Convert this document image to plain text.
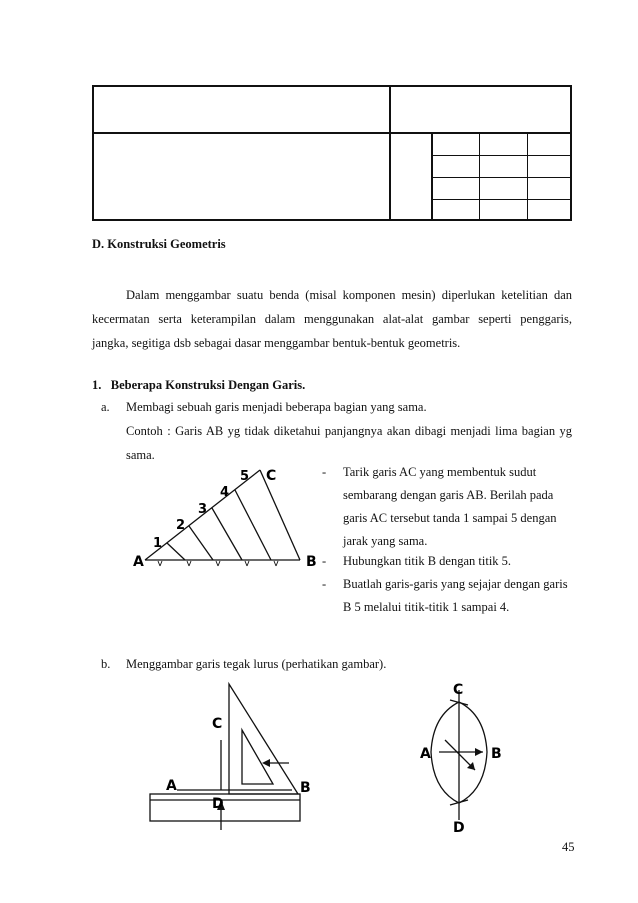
D. Konstruksi Geometris
Dalam menggambar suatu benda (misal komponen mesin) diperlukan ketelitian dan
kecermatan serta keterampilan dalam menggunakan alat-alat gambar seperti penggaris,
jangka, segitiga dsb sebagai dasar menggambar bentuk-bentuk geometris.
1.   Beberapa Konstruksi Dengan Garis.
a. Membagi sebuah garis menjadi beberapa bagian yang sama.
Contoh : Garis AB yg tidak diketahui panjangnya akan dibagi menjadi lima bagian yg
sama.
- Tarik garis AC yang membentuk sudut
sembarang dengan garis AB. Berilah pada
garis AC tersebut tanda 1 sampai 5 dengan
jarak yang sama.
- Hubungkan titik B dengan titik 5.
- Buatlah garis-garis yang sejajar dengan garis
B 5 melalui titik-titik 1 sampai 4.
A	B
C
1
2
3
4
5
b. Menggambar garis tegak lurus (perhatikan gambar).
A	B
C
D
C
D
A	B
45
